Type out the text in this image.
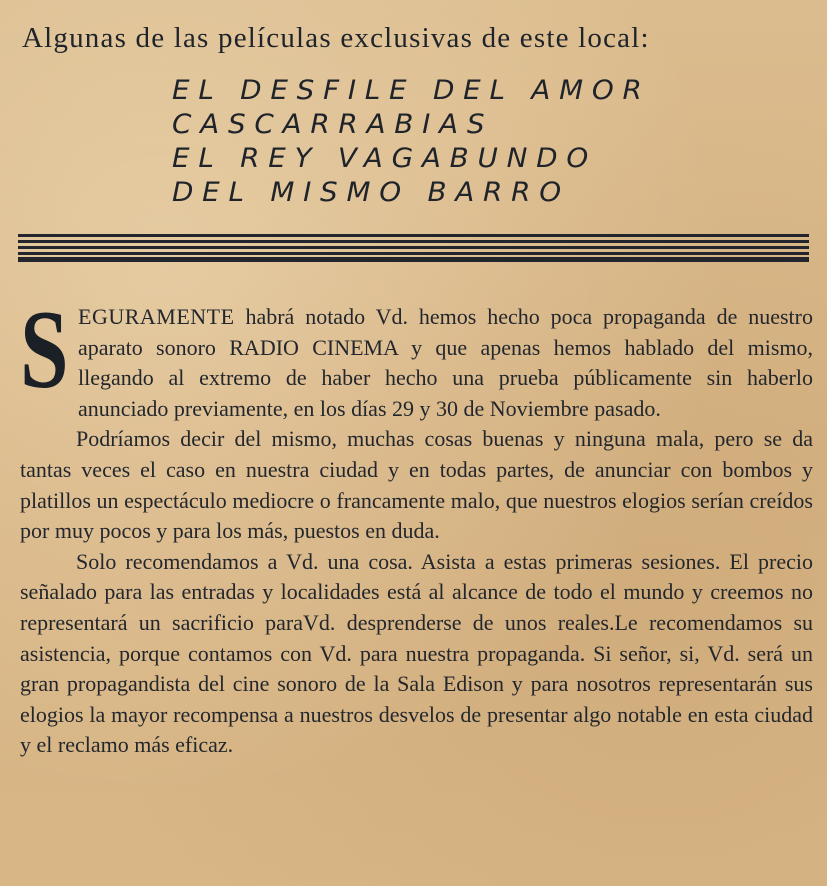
Algunas de las películas exclusivas de este local:
EL DESFILE DEL AMOR
CASCARRABIAS
EL REY VAGABUNDO
DEL MISMO BARRO

SEGURAMENTE habrá notado Vd. hemos hecho poca propaganda de nuestro aparato sonoro RADIO CINEMA y que apenas hemos hablado del mismo, llegando al extremo de haber hecho una prueba públicamente sin haberlo anunciado previamente, en los días 29 y 30 de Noviembre pasado.

Podríamos decir del mismo, muchas cosas buenas y ninguna mala, pero se da tantas veces el caso en nuestra ciudad y en todas partes, de anunciar con bombos y platillos un espectáculo mediocre o francamente malo, que nuestros elogios serían creídos por muy pocos y para los más, puestos en duda.

Solo recomendamos a Vd. una cosa. Asista a estas primeras sesiones. El precio señalado para las entradas y localidades está al alcance de todo el mundo y creemos no representará un sacrificio paraVd. desprenderse de unos reales.Le recomendamos su asistencia, porque contamos con Vd. para nuestra propaganda. Si señor, si, Vd. será un gran propagandista del cine sonoro de la Sala Edison y para nosotros representarán sus elogios la mayor recompensa a nuestros desvelos de presentar algo notable en esta ciudad y el reclamo más eficaz.
